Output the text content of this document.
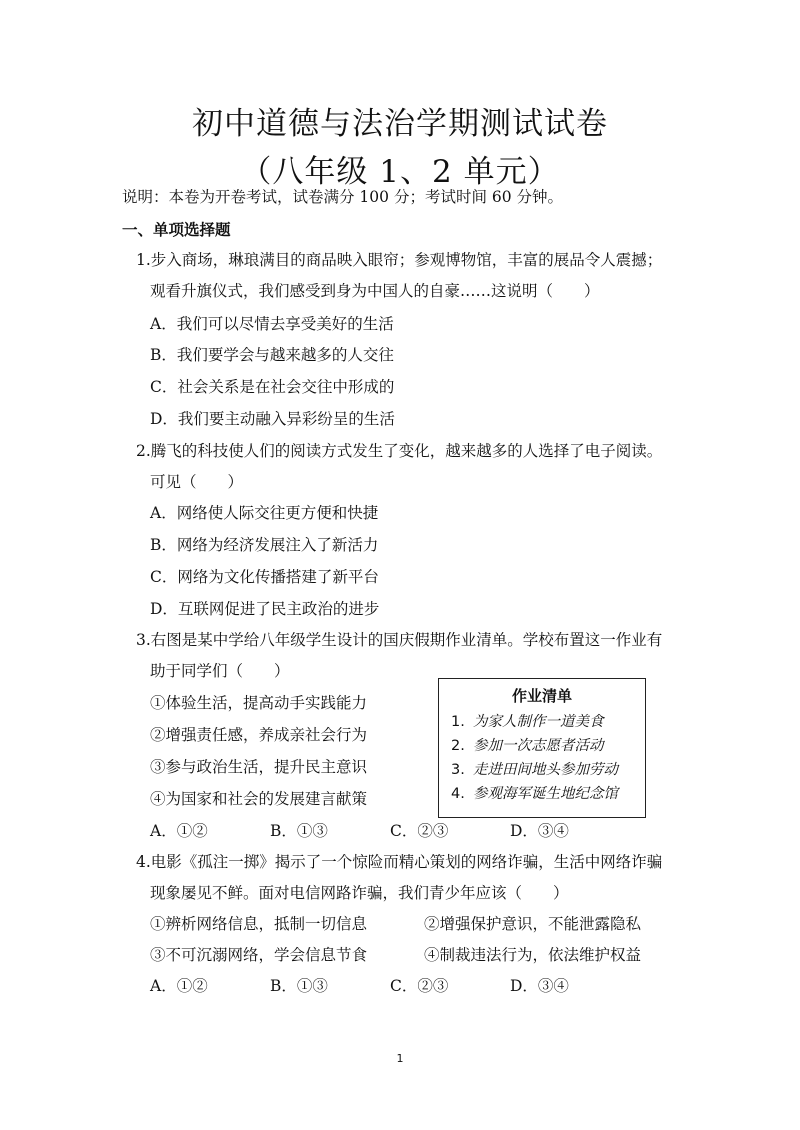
初中道德与法治学期测试试卷
（八年级 1、2 单元）
说明：本卷为开卷考试，试卷满分 100 分；考试时间 60 分钟。
一、单项选择题
1.步入商场，琳琅满目的商品映入眼帘；参观博物馆，丰富的展品令人震撼；
观看升旗仪式，我们感受到身为中国人的自豪……这说明（　　）
A．我们可以尽情去享受美好的生活
B．我们要学会与越来越多的人交往
C．社会关系是在社会交往中形成的
D．我们要主动融入异彩纷呈的生活
2.腾飞的科技使人们的阅读方式发生了变化，越来越多的人选择了电子阅读。
可见（　　）
A．网络使人际交往更方便和快捷
B．网络为经济发展注入了新活力
C．网络为文化传播搭建了新平台
D．互联网促进了民主政治的进步
3.右图是某中学给八年级学生设计的国庆假期作业清单。学校布置这一作业有
助于同学们（　　）
①体验生活，提高动手实践能力
②增强责任感，养成亲社会行为
③参与政治生活，提升民主意识
④为国家和社会的发展建言献策
作业清单
1. 为家人制作一道美食
2. 参加一次志愿者活动
3. 走进田间地头参加劳动
4. 参观海军诞生地纪念馆
A．①②	B．①③	C．②③	D．③④
4.电影《孤注一掷》揭示了一个惊险而精心策划的网络诈骗，生活中网络诈骗
现象屡见不鲜。面对电信网路诈骗，我们青少年应该（　　）
①辨析网络信息，抵制一切信息	②增强保护意识，不能泄露隐私
③不可沉溺网络，学会信息节食	④制裁违法行为，依法维护权益
A．①②	B．①③	C．②③	D．③④
1
